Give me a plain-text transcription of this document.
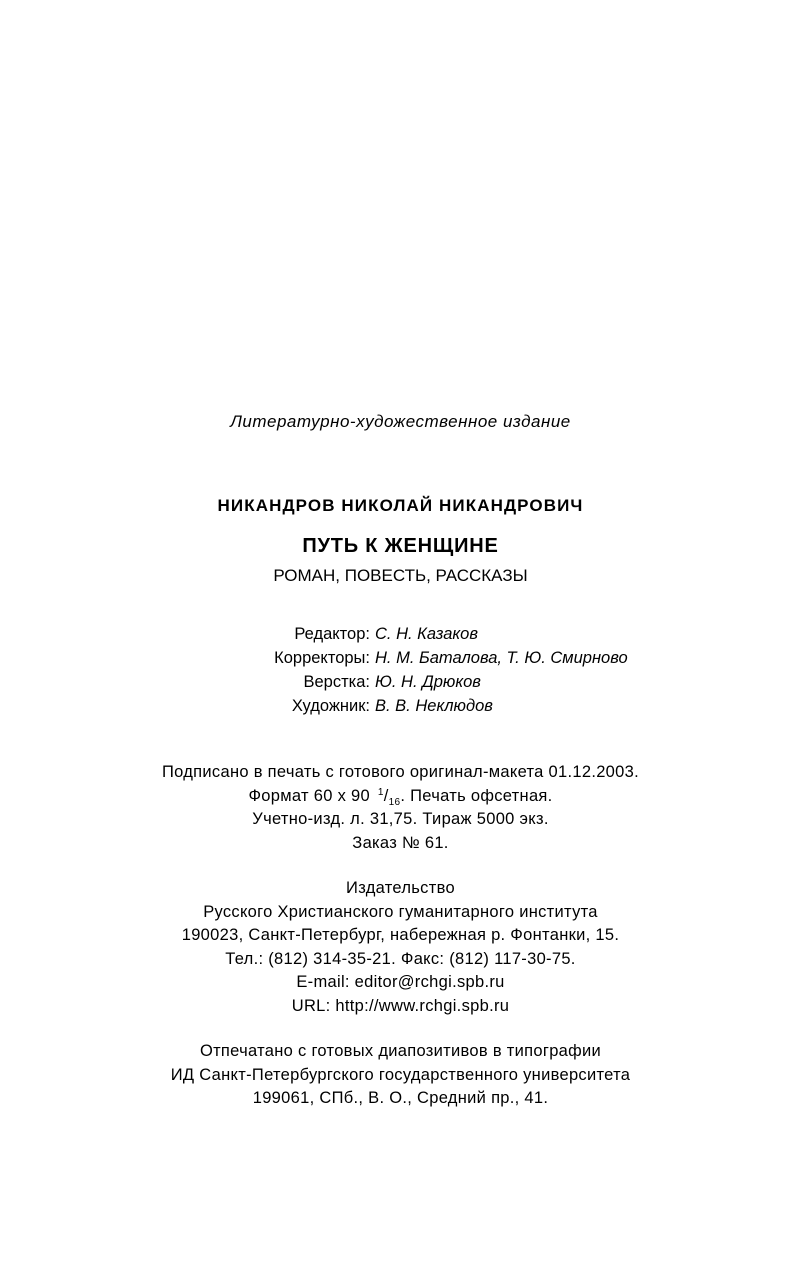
Литературно-художественное издание
НИКАНДРОВ НИКОЛАЙ НИКАНДРОВИЧ
ПУТЬ К ЖЕНЩИНЕ
РОМАН, ПОВЕСТЬ, РАССКАЗЫ
Редактор: С. Н. Казаков
Корректоры: Н. М. Баталова, Т. Ю. Смирново
Верстка: Ю. Н. Дрюков
Художник: В. В. Неклюдов
Подписано в печать с готового оригинал-макета 01.12.2003.
Формат 60 x 90 $^1/_{16}$. Печать офсетная.
Учетно-изд. л. 31,75. Тираж 5000 экз.
Заказ № 61.
Издательство
Русского Христианского гуманитарного института
190023, Санкт-Петербург, набережная р. Фонтанки, 15.
Тел.: (812) 314-35-21. Факс: (812) 117-30-75.
E-mail: editor@rchgi.spb.ru
URL: http://www.rchgi.spb.ru
Отпечатано с готовых диапозитивов в типографии
ИД Санкт-Петербургского государственного университета
199061, СПб., В. О., Средний пр., 41.
